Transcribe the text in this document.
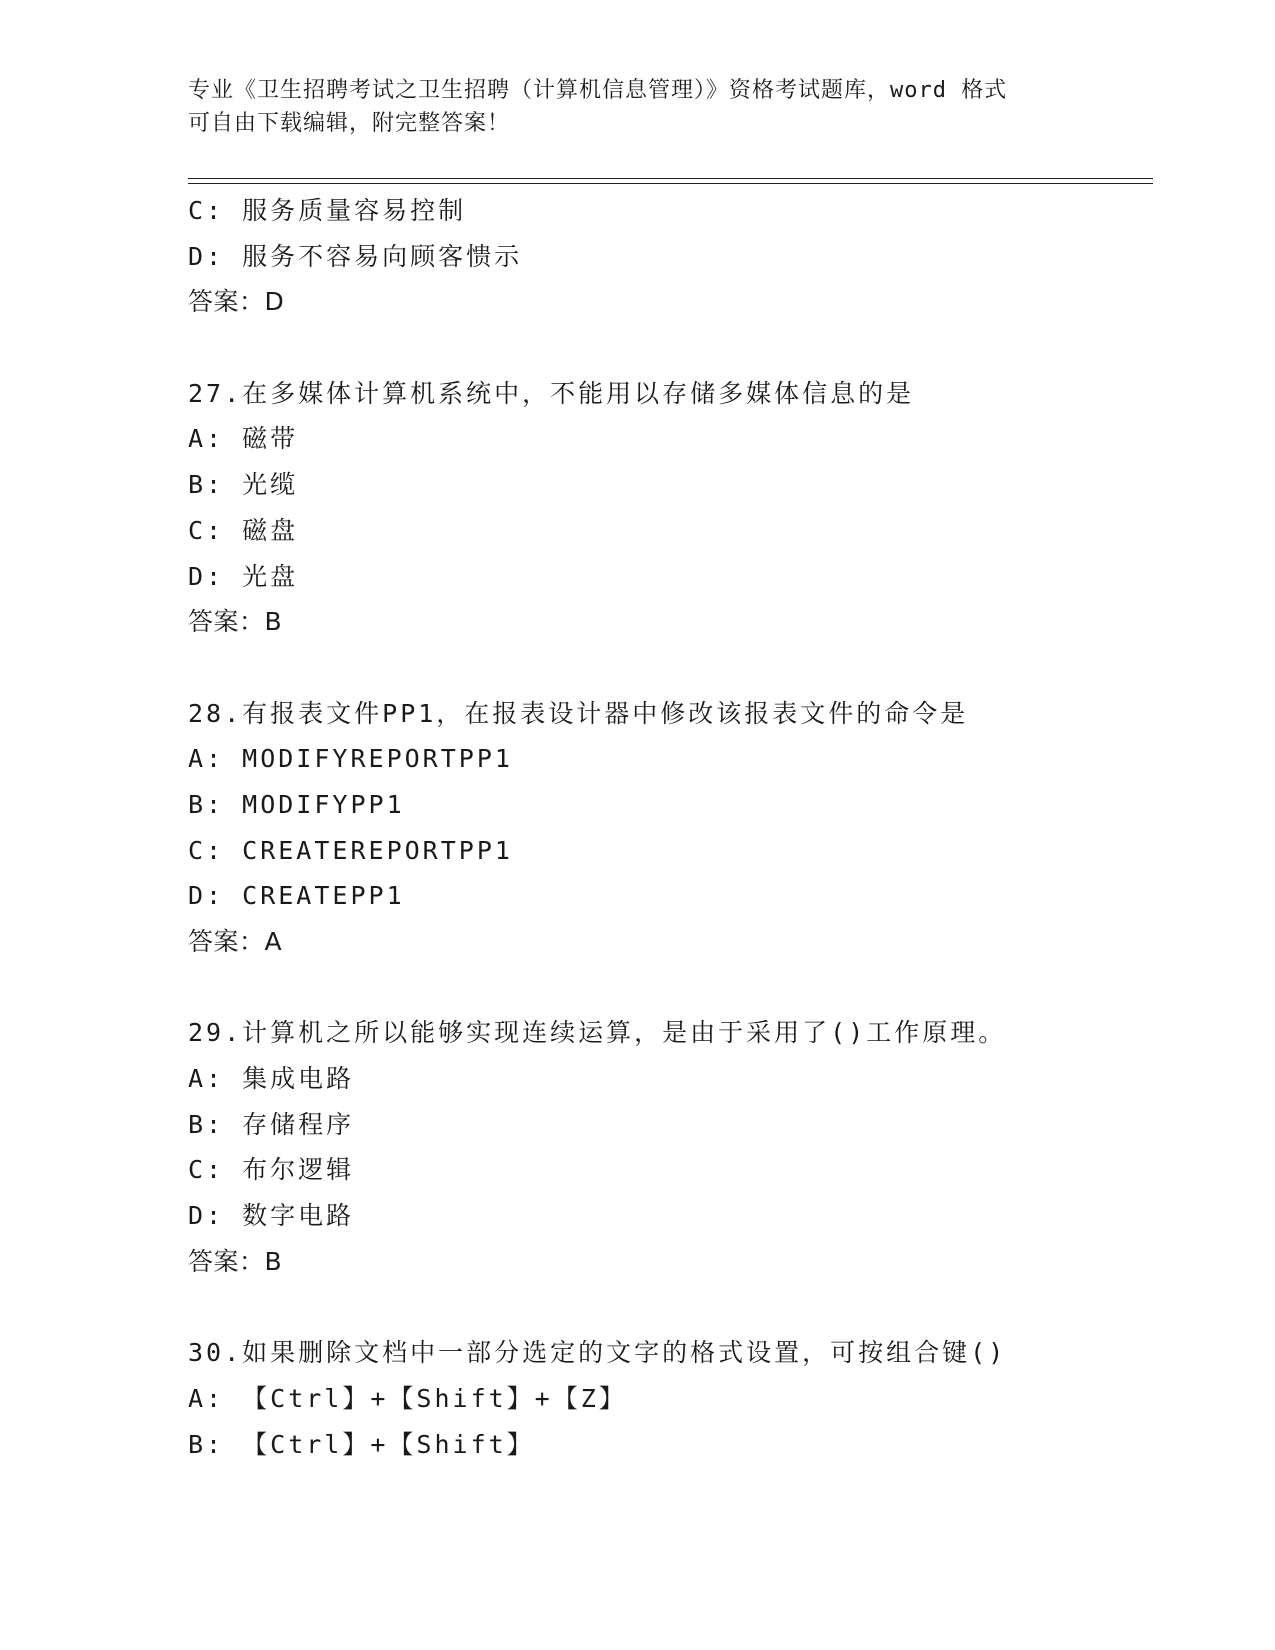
专业《卫生招聘考试之卫生招聘（计算机信息管理）》资格考试题库，word 格式
可自由下载编辑，附完整答案！
C: 服务质量容易控制
D: 服务不容易向顾客愦示
答案：D
27.在多媒体计算机系统中，不能用以存储多媒体信息的是
A: 磁带
B: 光缆
C: 磁盘
D: 光盘
答案：B
28.有报表文件PP1，在报表设计器中修改该报表文件的命令是
A: MODIFYREPORTPP1
B: MODIFYPP1
C: CREATEREPORTPP1
D: CREATEPP1
答案：A
29.计算机之所以能够实现连续运算，是由于采用了()工作原理。
A: 集成电路
B: 存储程序
C: 布尔逻辑
D: 数字电路
答案：B
30.如果删除文档中一部分选定的文字的格式设置，可按组合键()
A: 【Ctrl】+【Shift】+【Z】
B: 【Ctrl】+【Shift】
